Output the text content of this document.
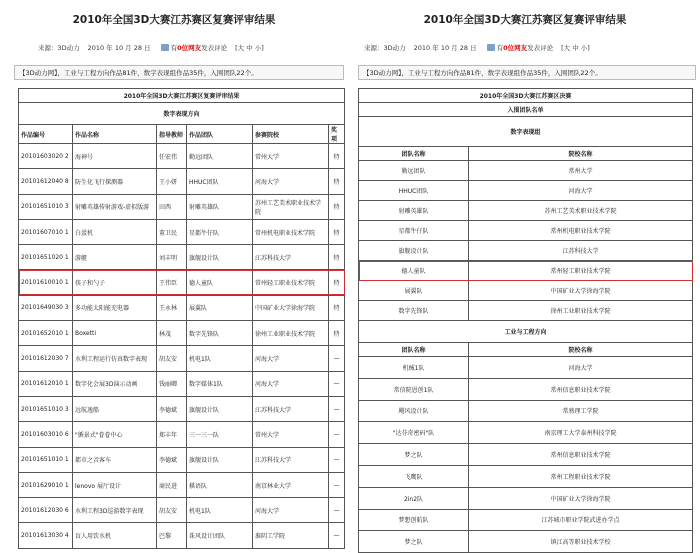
2010年全国3D大赛江苏赛区复赛评审结果
来源： 3D动力 2010 年 10 月 28 日	有 0 位网友 发表评论 [大 中 小]
【3D动力网】，工业与工程方向作品81件，数字表现组作品35件，入围团队22个。
2010年全国3D大赛江苏赛区复赛评审结果					
数字表现方向					
作品编号	作品名称	指导教师	作品团队	参赛院校	奖项
20101603020 2	海神号	任宏伟	勤远团队	常州大学	特
20101612040 8	防生化飞行探测器	王小妍	HHUC团队	河海大学	特
20101651010 3	射雕英雄传射游戏-虚拟版游	田西	射雕英雄队	苏州工艺美术职业技术学院	特
20101607010 1	白蛋机	董卫民	星都牛仔队	常州机电职业技术学院	特
20101651020 1	游艇	刘丰明	旗舰设计队	江苏科技大学	特
20101610010 1	筷子和勺子	王伟臣	德人童队	常州轻工职业技术学院	特
20101649030 3	多功能太阳能充电器	王永林	展翼队	中国矿业大学徐海学院	特
20101652010 1	Boxetti	林茂	数字先锋队	徐州工业职业技术学院	特
20101612030 7	水利工程运行仿真数字表现	胡友安	机电1队	河海大学	—
20101612010 1	数字化会展3D演示动画	钱丽卿	数字媒体1队	河海大学	—
20101651010 3	远航逸船	李德斌	旗舰设计队	江苏科技大学	—
20101603010 6	"循景式"眷眷中心	郑丰年	三一三一队	常州大学	—
20101651010 1	都市之音客车	李德斌	旗舰设计队	江苏科技大学	—
20101629010 1	lenovo 展厅设计	商民进	棋语队	南京林业大学	—
20101612030 6	水利工程3D巡游数字表现	胡友安	机电1队	河海大学	—
20101613030 4	盲人用饮水机	巴黎	诛风设计团队	淮阴工学院	—
2010年全国3D大赛江苏赛区复赛评审结果
来源： 3D动力 2010 年 10 月 28 日	有 0 位网友 发表评论 [大 中 小]
【3D动力网】，工业与工程方向作品81件，数字表现组作品35件，入围团队22个。
2010年全国3D大赛江苏赛区决赛	
入围团队名单	
数字表现组	
团队名称	院校名称
勤远团队	常州大学
HHUC团队	河海大学
射雕英雄队	苏州工艺美术职业技术学院
星都牛仔队	常州机电职业技术学院
旗舰设计队	江苏科技大学
德人童队	常州轻工职业技术学院
展翼队	中国矿业大学徐海学院
数字先锋队	徐州工业职业技术学院
工业与工程方向	
团队名称	院校名称
机械1队	河海大学
常信院恩创1队	常州信息职业技术学院
飓风设计队	常熟理工学院
"达芬奇密码"队	南京理工大学泰州科技学院
梦之队	常州信息职业技术学院
飞鹰队	常州工程职业技术学院
2in2队	中国矿业大学徐海学院
梦想创航队	江苏城市职业学院武进办学点
梦之队	镇江高等职业技术学校
